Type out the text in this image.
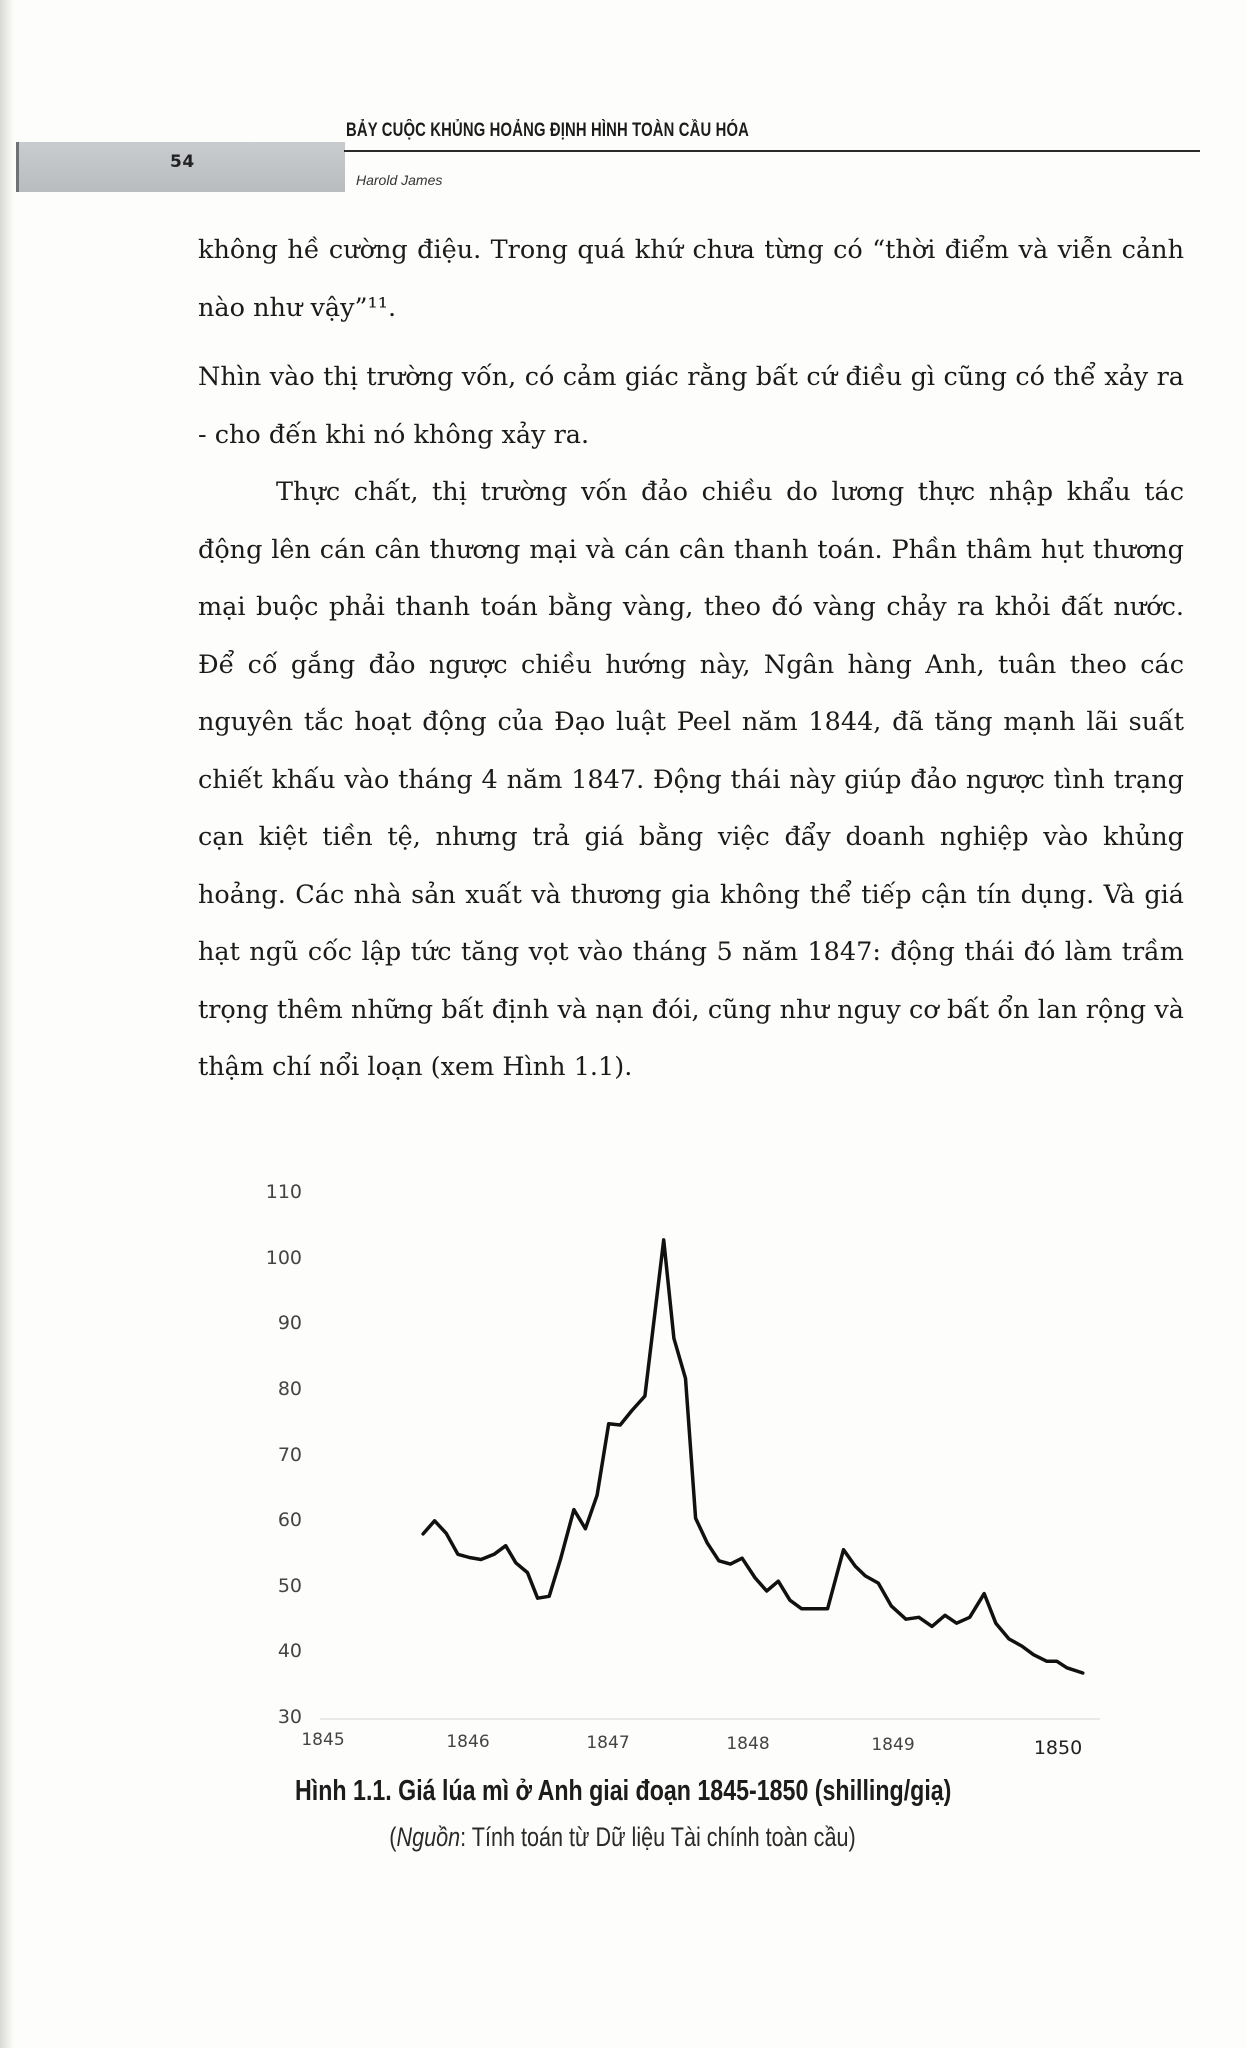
54
BẢY CUỘC KHỦNG HOẢNG ĐỊNH HÌNH TOÀN CẦU HÓA
Harold James

không hề cường điệu. Trong quá khứ chưa từng có “thời điểm và viễn cảnh nào như vậy”¹¹.

Nhìn vào thị trường vốn, có cảm giác rằng bất cứ điều gì cũng có thể xảy ra - cho đến khi nó không xảy ra.

Thực chất, thị trường vốn đảo chiều do lương thực nhập khẩu tác động lên cán cân thương mại và cán cân thanh toán. Phần thâm hụt thương mại buộc phải thanh toán bằng vàng, theo đó vàng chảy ra khỏi đất nước. Để cố gắng đảo ngược chiều hướng này, Ngân hàng Anh, tuân theo các nguyên tắc hoạt động của Đạo luật Peel năm 1844, đã tăng mạnh lãi suất chiết khấu vào tháng 4 năm 1847. Động thái này giúp đảo ngược tình trạng cạn kiệt tiền tệ, nhưng trả giá bằng việc đẩy doanh nghiệp vào khủng hoảng. Các nhà sản xuất và thương gia không thể tiếp cận tín dụng. Và giá hạt ngũ cốc lập tức tăng vọt vào tháng 5 năm 1847: động thái đó làm trầm trọng thêm những bất định và nạn đói, cũng như nguy cơ bất ổn lan rộng và thậm chí nổi loạn (xem Hình 1.1).

110
100
90
80
70
60
50
40
30
1845	1846	1847	1848	1849	1850
Hình 1.1. Giá lúa mì ở Anh giai đoạn 1845-1850 (shilling/giạ)
(Nguồn: Tính toán từ Dữ liệu Tài chính toàn cầu)
